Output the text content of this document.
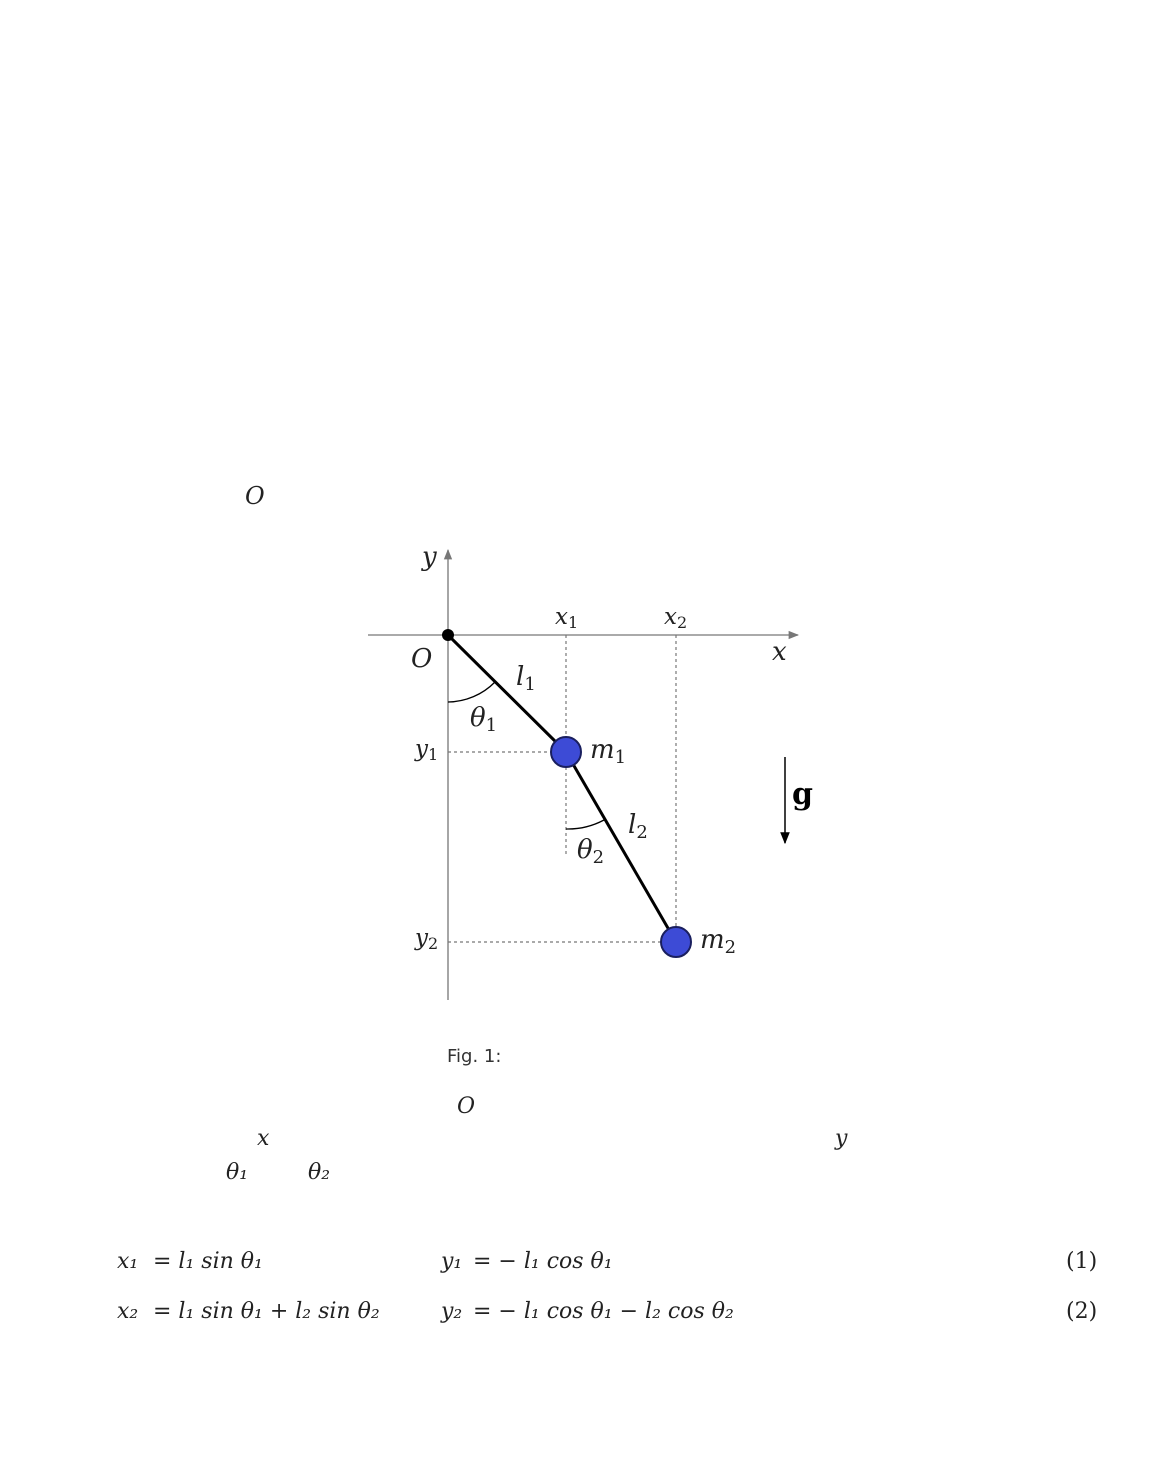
O
y
x
O
x1	x2
y1
y2
l1
l2
θ1
θ2
m1
m2
g
Fig. 1:
O
x	y
θ₁	θ₂
x₁ = l₁ sin θ₁	y₁ = − l₁ cos θ₁	(1)
x₂ = l₁ sin θ₁ + l₂ sin θ₂	y₂ = − l₁ cos θ₁ − l₂ cos θ₂	(2)
